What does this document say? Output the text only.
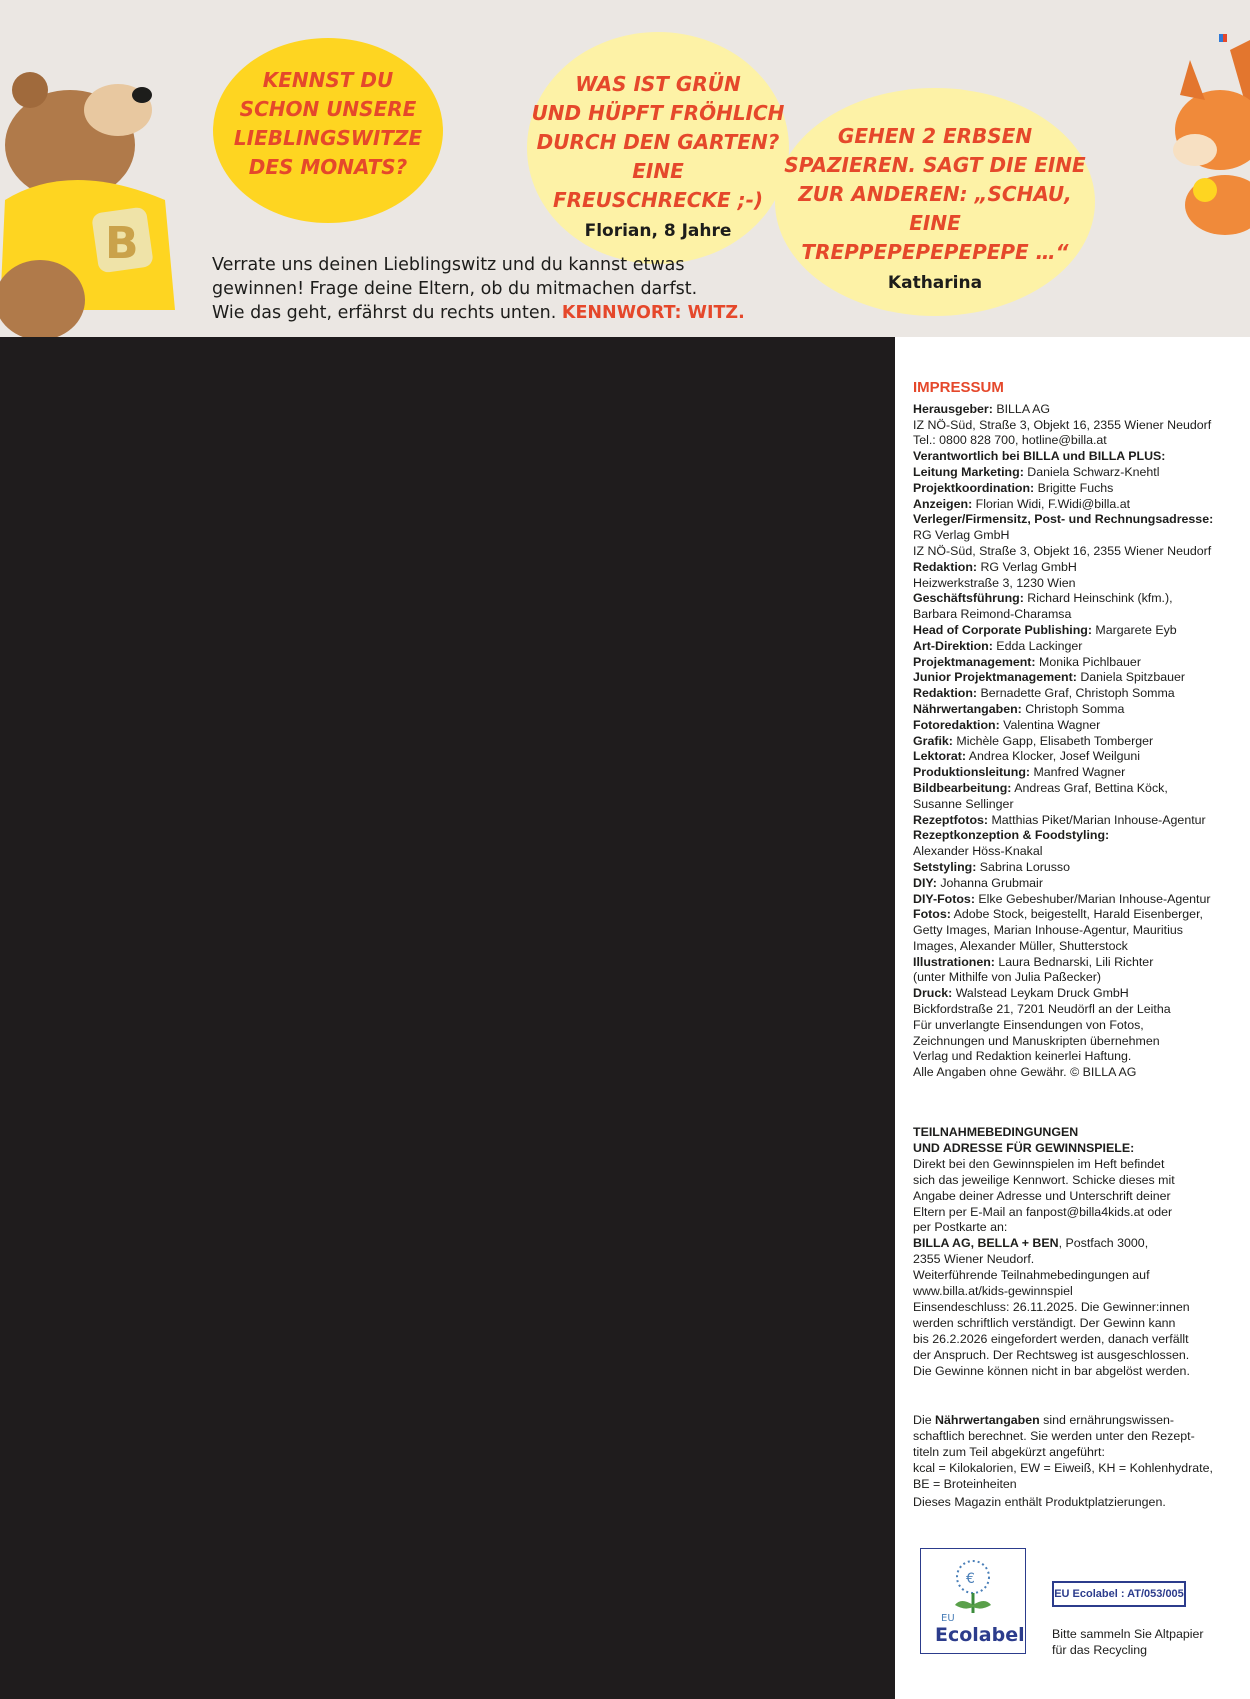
B
KENNST DU
SCHON UNSERE
LIEBLINGSWITZE
DES MONATS?
WAS IST GRÜN
UND HÜPFT FRÖHLICH
DURCH DEN GARTEN? EINE
FREUSCHRECKE ;-)
Florian, 8 Jahre
GEHEN 2 ERBSEN
SPAZIEREN. SAGT DIE EINE
ZUR ANDEREN: „SCHAU, EINE
TREPPEPEPEPEPEPE …“
Katharina
Verrate uns deinen Lieblingswitz und du kannst etwas
gewinnen! Frage deine Eltern, ob du mitmachen darfst.
Wie das geht, erfährst du rechts unten. KENNWORT: WITZ.
IMPRESSUM
Herausgeber: BILLA AG
IZ NÖ-Süd, Straße 3, Objekt 16, 2355 Wiener Neudorf
Tel.: 0800 828 700, hotline@billa.at
Verantwortlich bei BILLA und BILLA PLUS:
Leitung Marketing: Daniela Schwarz-Knehtl
Projektkoordination: Brigitte Fuchs
Anzeigen: Florian Widi, F.Widi@billa.at
Verleger/Firmensitz, Post- und Rechnungsadresse:
RG Verlag GmbH
IZ NÖ-Süd, Straße 3, Objekt 16, 2355 Wiener Neudorf
Redaktion: RG Verlag GmbH
Heizwerkstraße 3, 1230 Wien
Geschäftsführung: Richard Heinschink (kfm.),
Barbara Reimond-Charamsa
Head of Corporate Publishing: Margarete Eyb
Art-Direktion: Edda Lackinger
Projektmanagement: Monika Pichlbauer
Junior Projektmanagement: Daniela Spitzbauer
Redaktion: Bernadette Graf, Christoph Somma
Nährwertangaben: Christoph Somma
Fotoredaktion: Valentina Wagner
Grafik: Michèle Gapp, Elisabeth Tomberger
Lektorat: Andrea Klocker, Josef Weilguni
Produktionsleitung: Manfred Wagner
Bildbearbeitung: Andreas Graf, Bettina Köck,
Susanne Sellinger
Rezeptfotos: Matthias Piket/Marian Inhouse-Agentur
Rezeptkonzeption & Foodstyling:
Alexander Höss-Knakal
Setstyling: Sabrina Lorusso
DIY: Johanna Grubmair
DIY-Fotos: Elke Gebeshuber/Marian Inhouse-Agentur
Fotos: Adobe Stock, beigestellt, Harald Eisenberger,
Getty Images, Marian Inhouse-Agentur, Mauritius
Images, Alexander Müller, Shutterstock
Illustrationen: Laura Bednarski, Lili Richter
(unter Mithilfe von Julia Paßecker)
Druck: Walstead Leykam Druck GmbH
Bickfordstraße 21, 7201 Neudörfl an der Leitha
Für unverlangte Einsendungen von Fotos,
Zeichnungen und Manuskripten übernehmen
Verlag und Redaktion keinerlei Haftung.
Alle Angaben ohne Gewähr. © BILLA AG
TEILNAHMEBEDINGUNGEN
UND ADRESSE FÜR GEWINNSPIELE:
Direkt bei den Gewinnspielen im Heft befindet
sich das jeweilige Kennwort. Schicke dieses mit
Angabe deiner Adresse und Unterschrift deiner
Eltern per E-Mail an fanpost@billa4kids.at oder
per Postkarte an:
BILLA AG, BELLA + BEN, Postfach 3000,
2355 Wiener Neudorf.
Weiterführende Teilnahmebedingungen auf
www.billa.at/kids-gewinnspiel
Einsendeschluss: 26.11.2025. Die Gewinner:innen
werden schriftlich verständigt. Der Gewinn kann
bis 26.2.2026 eingefordert werden, danach verfällt
der Anspruch. Der Rechtsweg ist ausgeschlossen.
Die Gewinne können nicht in bar abgelöst werden.
Die Nährwertangaben sind ernährungswissen-
schaftlich berechnet. Sie werden unter den Rezept-
titeln zum Teil abgekürzt angeführt:
kcal = Kilokalorien, EW = Eiweiß, KH = Kohlenhydrate,
BE = Broteinheiten
Dieses Magazin enthält Produktplatzierungen.
€
EU
Ecolabel
EU Ecolabel : AT/053/005
Bitte sammeln Sie Altpapier
für das Recycling
